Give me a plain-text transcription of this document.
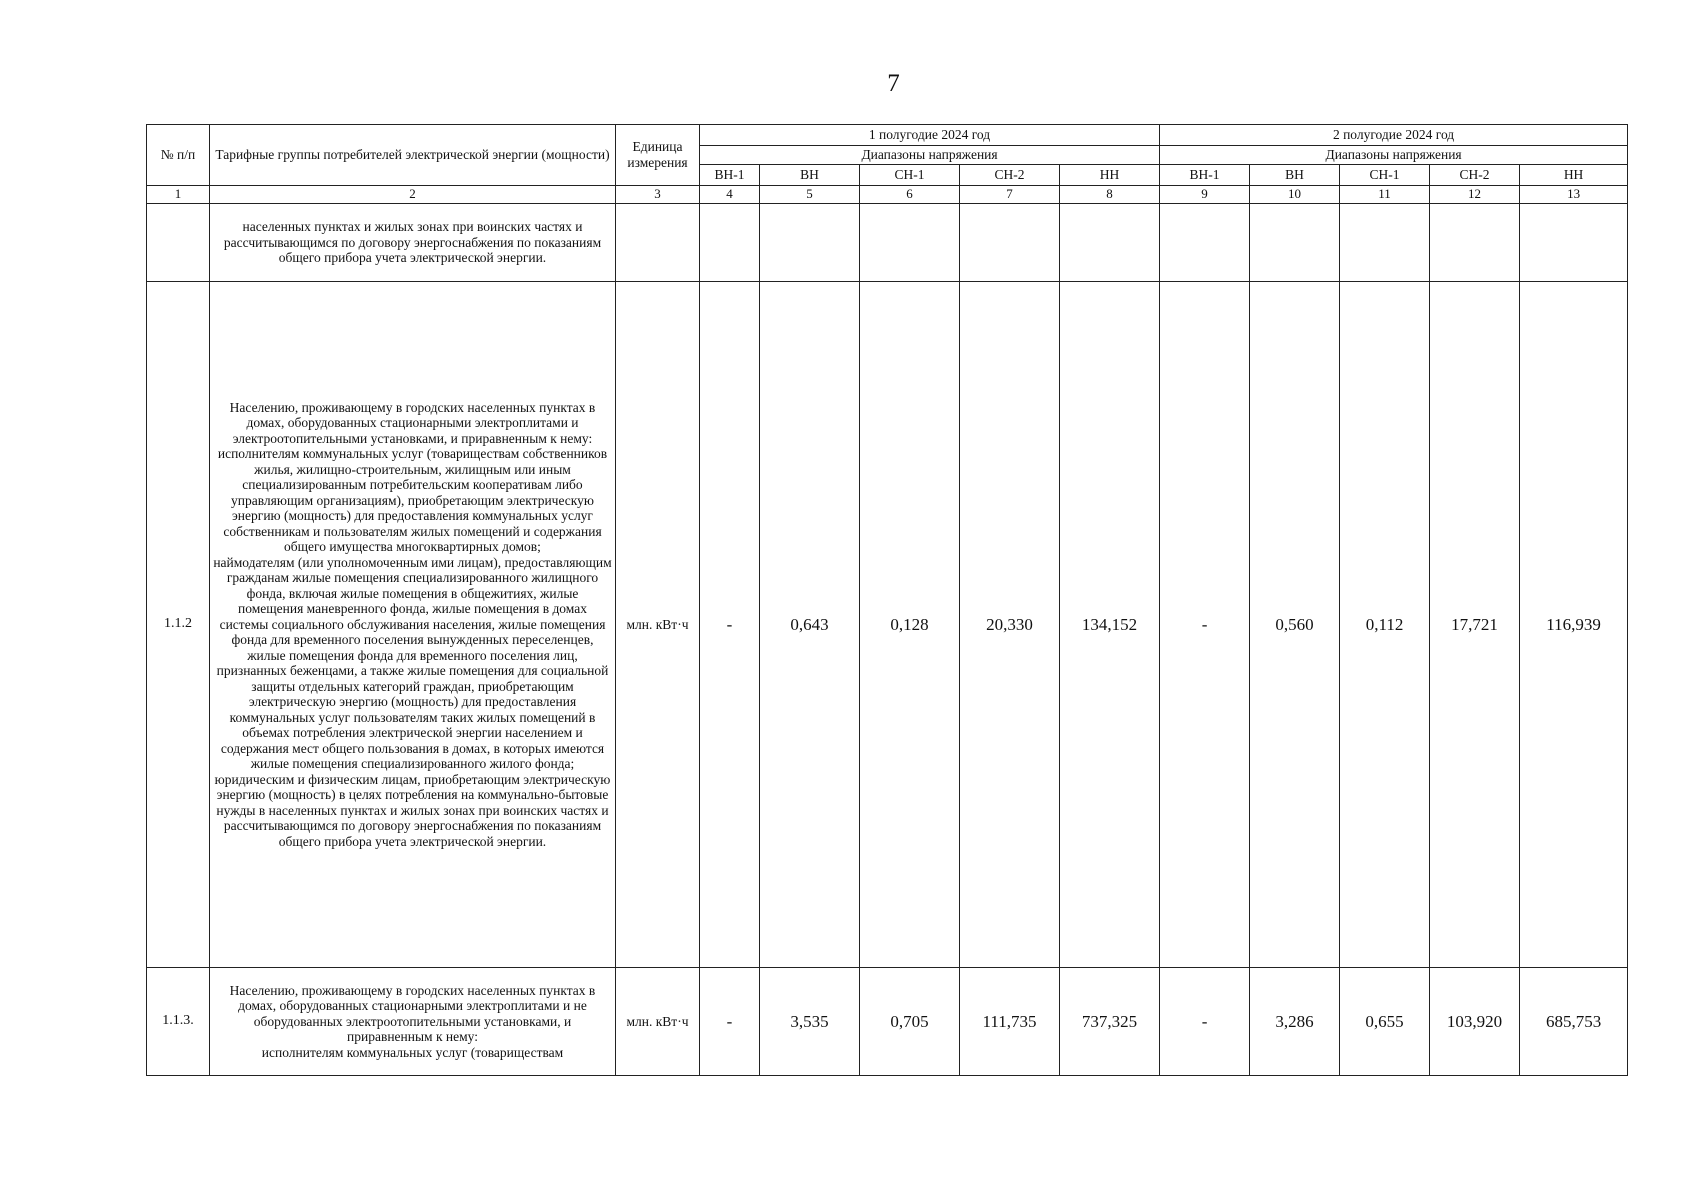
7
№ п/п	Тарифные группы потребителей электрической энергии (мощности)	Единица измерения	1 полугодие 2024 год					2 полугодие 2024 год				
			Диапазоны напряжения					Диапазоны напряжения				
			ВН-1	ВН	СН-1	СН-2	НН	ВН-1	ВН	СН-1	СН-2	НН
1	2	3	4	5	6	7	8	9	10	11	12	13

	населенных пунктах и жилых зонах при воинских частях и рассчитывающимся по договору энергоснабжения по показаниям общего прибора учета электрической энергии.											

1.1.2	Населению, проживающему в городских населенных пунктах в домах, оборудованных стационарными электроплитами и электроотопительными установками, и приравненным к нему:
исполнителям коммунальных услуг (товариществам собственников жилья, жилищно-строительным, жилищным или иным специализированным потребительским кооперативам либо управляющим организациям), приобретающим электрическую энергию (мощность) для предоставления коммунальных услуг собственникам и пользователям жилых помещений и содержания общего имущества многоквартирных домов;
наймодателям (или уполномоченным ими лицам), предоставляющим гражданам жилые помещения специализированного жилищного фонда, включая жилые помещения в общежитиях, жилые помещения маневренного фонда, жилые помещения в домах системы социального обслуживания населения, жилые помещения фонда для временного поселения вынужденных переселенцев, жилые помещения фонда для временного поселения лиц, признанных беженцами, а также жилые помещения для социальной защиты отдельных категорий граждан, приобретающим электрическую энергию (мощность) для предоставления коммунальных услуг пользователям таких жилых помещений в объемах потребления электрической энергии населением и содержания мест общего пользования в домах, в которых имеются жилые помещения специализированного жилого фонда;
юридическим и физическим лицам, приобретающим электрическую энергию (мощность) в целях потребления на коммунально-бытовые нужды в населенных пунктах и жилых зонах при воинских частях и рассчитывающимся по договору энергоснабжения по показаниям общего прибора учета электрической энергии.	млн. кВт·ч	-	0,643	0,128	20,330	134,152	-	0,560	0,112	17,721	116,939
1.1.3.	Населению, проживающему в городских населенных пунктах в домах, оборудованных стационарными электроплитами и не оборудованных электроотопительными установками, и приравненным к нему:
исполнителям коммунальных услуг (товариществам	млн. кВт·ч	-	3,535	0,705	111,735	737,325	-	3,286	0,655	103,920	685,753
